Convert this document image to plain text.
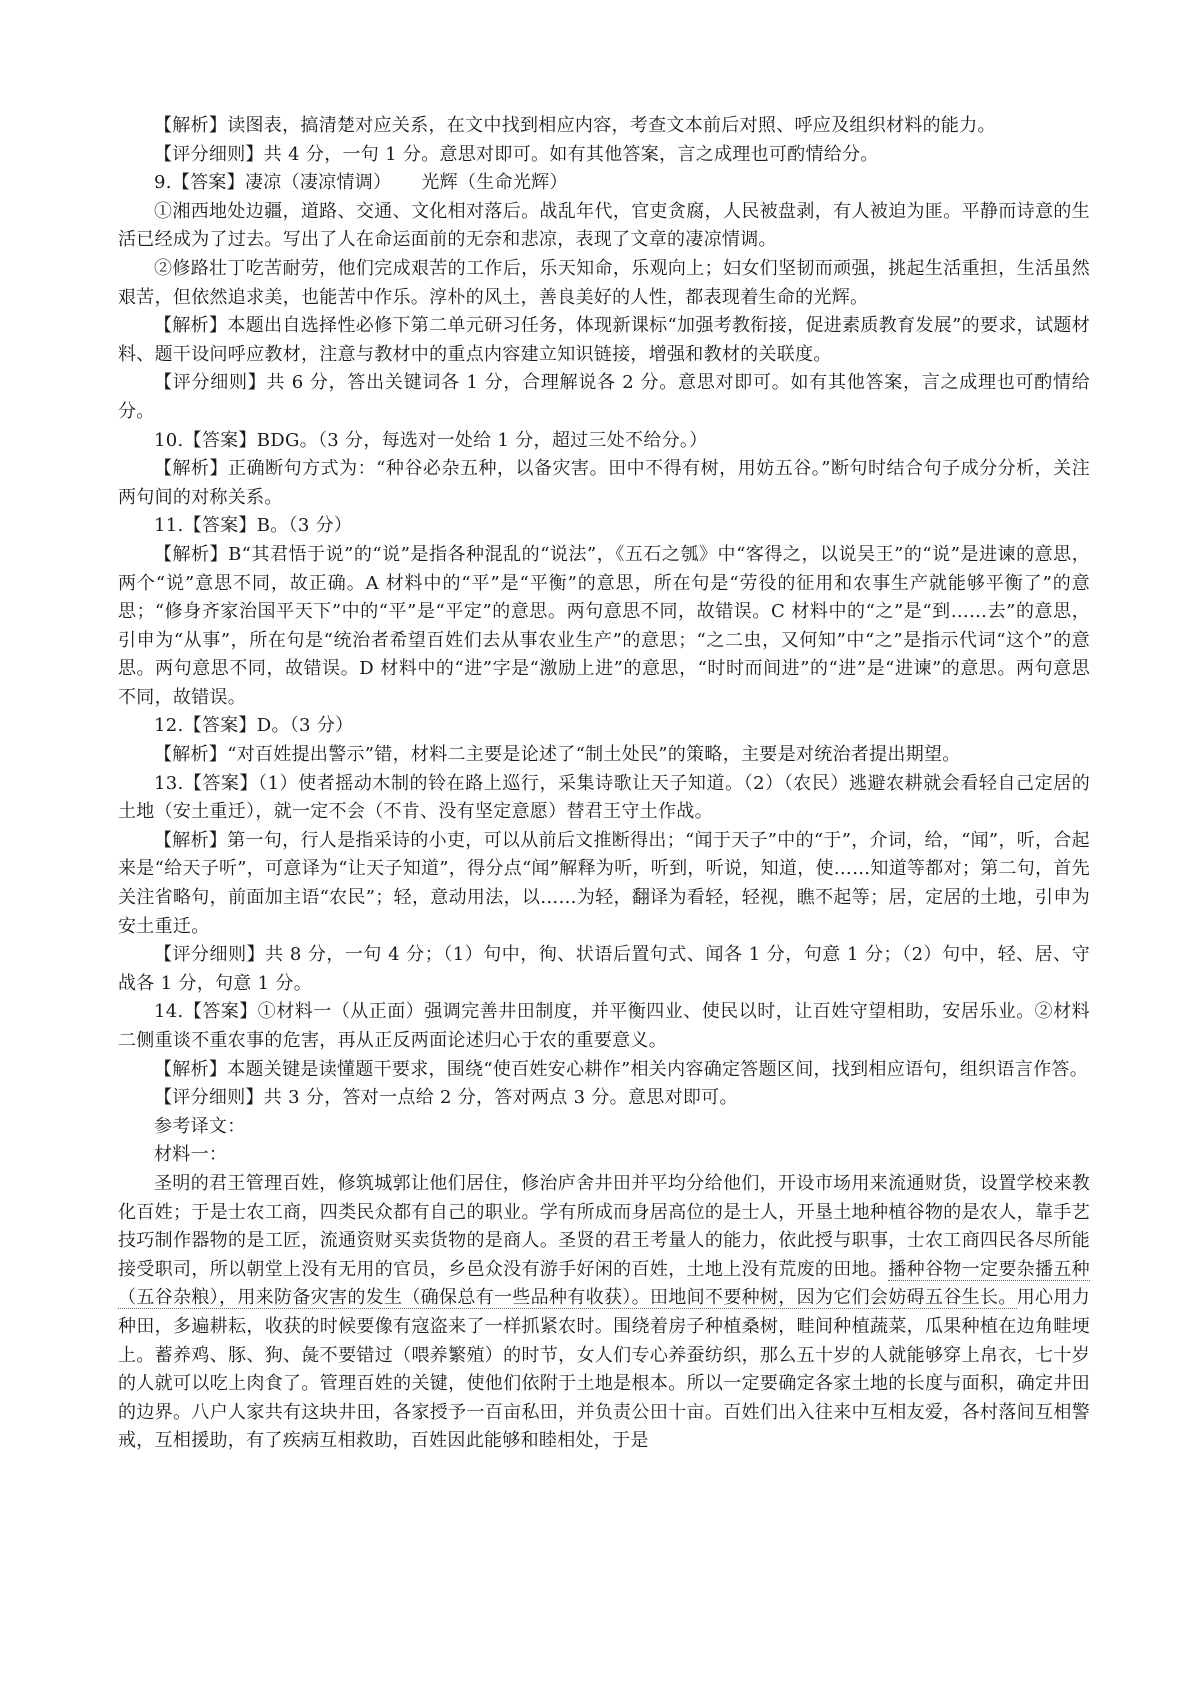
【解析】读图表，搞清楚对应关系，在文中找到相应内容，考查文本前后对照、呼应及组织材料的能力。

【评分细则】共 4 分，一句 1 分。意思对即可。如有其他答案，言之成理也可酌情给分。

9.【答案】凄凉（凄凉情调） 光辉（生命光辉）

①湘西地处边疆，道路、交通、文化相对落后。战乱年代，官吏贪腐，人民被盘剥，有人被迫为匪。平静而诗意的生活已经成为了过去。写出了人在命运面前的无奈和悲凉，表现了文章的凄凉情调。

②修路壮丁吃苦耐劳，他们完成艰苦的工作后，乐天知命，乐观向上；妇女们坚韧而顽强，挑起生活重担，生活虽然艰苦，但依然追求美，也能苦中作乐。淳朴的风土，善良美好的人性，都表现着生命的光辉。

【解析】本题出自选择性必修下第二单元研习任务，体现新课标“加强考教衔接，促进素质教育发展”的要求，试题材料、题干设问呼应教材，注意与教材中的重点内容建立知识链接，增强和教材的关联度。

【评分细则】共 6 分，答出关键词各 1 分，合理解说各 2 分。意思对即可。如有其他答案，言之成理也可酌情给分。

10.【答案】BDG。（3 分，每选对一处给 1 分，超过三处不给分。）

【解析】正确断句方式为：“种谷必杂五种，以备灾害。田中不得有树，用妨五谷。”断句时结合句子成分分析，关注两句间的对称关系。

11.【答案】B。（3 分）

【解析】B“其君悟于说”的“说”是指各种混乱的“说法”，《五石之瓠》中“客得之，以说吴王”的“说”是进谏的意思，两个“说”意思不同，故正确。A 材料中的“平”是“平衡”的意思，所在句是“劳役的征用和农事生产就能够平衡了”的意思；“修身齐家治国平天下”中的“平”是“平定”的意思。两句意思不同，故错误。C 材料中的“之”是“到……去”的意思，引申为“从事”，所在句是“统治者希望百姓们去从事农业生产”的意思；“之二虫，又何知”中“之”是指示代词“这个”的意思。两句意思不同，故错误。D 材料中的“进”字是“激励上进”的意思，“时时而间进”的“进”是“进谏”的意思。两句意思不同，故错误。

12.【答案】D。（3 分）

【解析】“对百姓提出警示”错，材料二主要是论述了“制土处民”的策略，主要是对统治者提出期望。

13.【答案】（1）使者摇动木制的铃在路上巡行，采集诗歌让天子知道。（2）（农民）逃避农耕就会看轻自己定居的土地（安土重迁），就一定不会（不肯、没有坚定意愿）替君王守土作战。

【解析】第一句，行人是指采诗的小吏，可以从前后文推断得出；“闻于天子”中的“于”，介词，给，“闻”，听，合起来是“给天子听”，可意译为“让天子知道”，得分点“闻”解释为听，听到，听说，知道，使……知道等都对；第二句，首先关注省略句，前面加主语“农民”；轻，意动用法，以……为轻，翻译为看轻，轻视，瞧不起等；居，定居的土地，引申为安土重迁。

【评分细则】共 8 分，一句 4 分；（1）句中，徇、状语后置句式、闻各 1 分，句意 1 分；（2）句中，轻、居、守战各 1 分，句意 1 分。

14.【答案】①材料一（从正面）强调完善井田制度，并平衡四业、使民以时，让百姓守望相助，安居乐业。②材料二侧重谈不重农事的危害，再从正反两面论述归心于农的重要意义。

【解析】本题关键是读懂题干要求，围绕“使百姓安心耕作”相关内容确定答题区间，找到相应语句，组织语言作答。

【评分细则】共 3 分，答对一点给 2 分，答对两点 3 分。意思对即可。

参考译文：

材料一：

圣明的君王管理百姓，修筑城郭让他们居住，修治庐舍井田并平均分给他们，开设市场用来流通财货，设置学校来教化百姓；于是士农工商，四类民众都有自己的职业。学有所成而身居高位的是士人，开垦土地种植谷物的是农人，靠手艺技巧制作器物的是工匠，流通资财买卖货物的是商人。圣贤的君王考量人的能力，依此授与职事，士农工商四民各尽所能接受职司，所以朝堂上没有无用的官员，乡邑众没有游手好闲的百姓，土地上没有荒废的田地。播种谷物一定要杂播五种（五谷杂粮），用来防备灾害的发生（确保总有一些品种有收获）。田地间不要种树，因为它们会妨碍五谷生长。用心用力种田，多遍耕耘，收获的时候要像有寇盗来了一样抓紧农时。围绕着房子种植桑树，畦间种植蔬菜，瓜果种植在边角畦埂上。蓄养鸡、豚、狗、彘不要错过（喂养繁殖）的时节，女人们专心养蚕纺织，那么五十岁的人就能够穿上帛衣，七十岁的人就可以吃上肉食了。管理百姓的关键，使他们依附于土地是根本。所以一定要确定各家土地的长度与面积，确定井田的边界。八户人家共有这块井田，各家授予一百亩私田，并负责公田十亩。百姓们出入往来中互相友爱，各村落间互相警戒，互相援助，有了疾病互相救助，百姓因此能够和睦相处，于是
